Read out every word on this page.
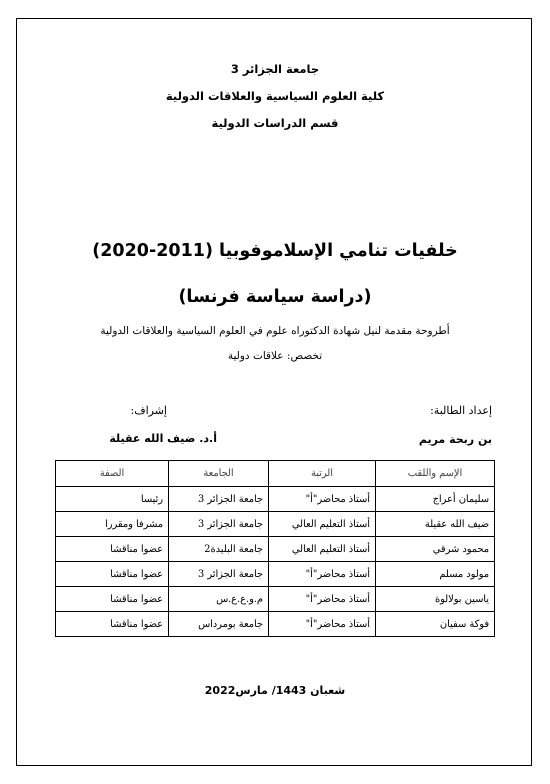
جامعة الجزائر 3
كلية العلوم السياسية والعلاقات الدولية
قسم الدراسات الدولية
خلفيات تنامي الإسلاموفوبيا (2011-2020)
(دراسة سياسة فرنسا)
أطروحة مقدمة لنيل شهادة الدكتوراه علوم في العلوم السياسية والعلاقات الدولية
تخصص: علاقات دولية
إعداد الطالبة:
إشراف:
بن ربحة مريم
أ.د. ضيف الله عقيلة
الإسم واللقب	الرتبة	الجامعة	الصفة
سليمان أعراج	أستاذ محاضر"أ"	جامعة الجزائر 3	رئيسا
ضيف الله عقيلة	أستاذ التعليم العالي	جامعة الجزائر 3	مشرفا ومقررا
محمود شرقي	أستاذ التعليم العالي	جامعة البليدة2	عضوا مناقشا
مولود مسلم	أستاذ محاضر"أ"	جامعة الجزائر 3	عضوا مناقشا
ياسين بولالوة	أستاذ محاضر"أ"	م.و.ع.ع.س	عضوا مناقشا
فوكة سفيان	أستاذ محاضر"أ"	جامعة بومرداس	عضوا مناقشا
شعبان 1443/ مارس2022
